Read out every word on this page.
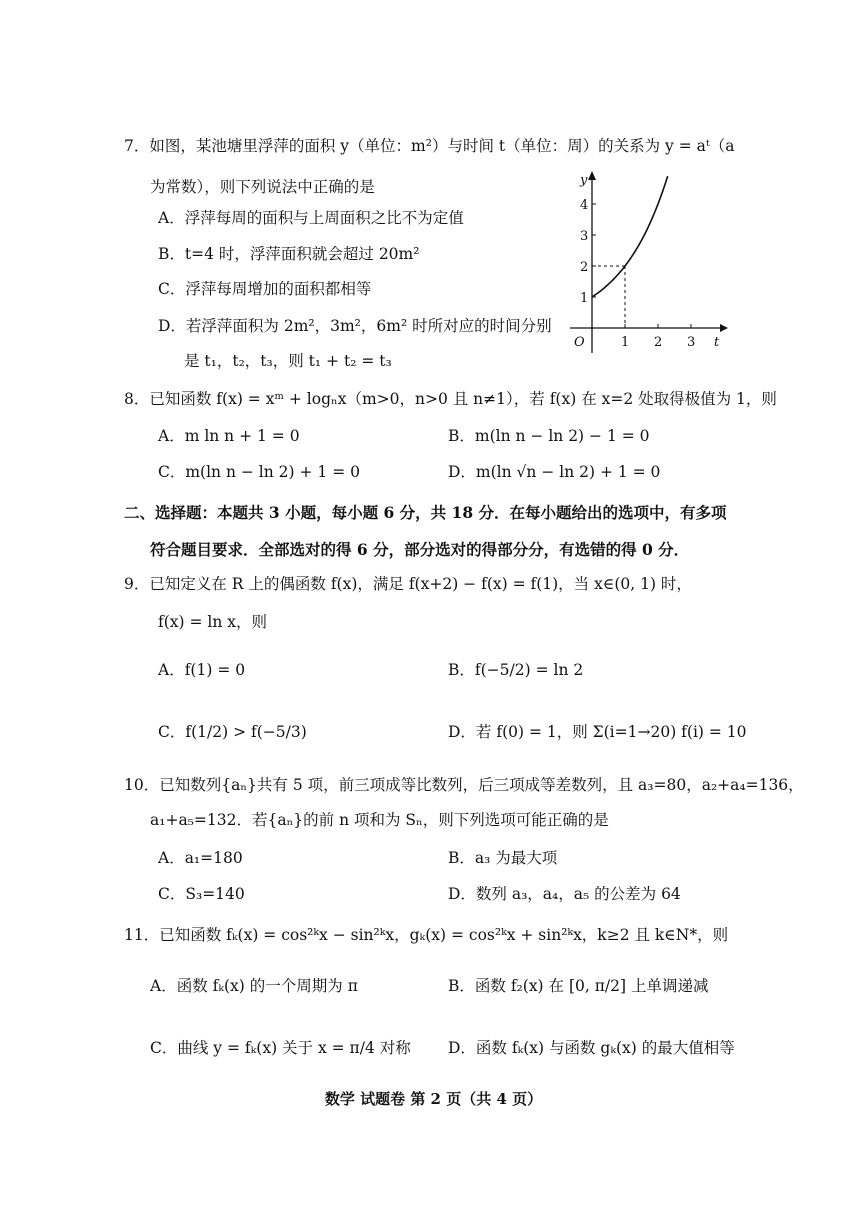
7．如图，某池塘里浮萍的面积 y（单位：m²）与时间 t（单位：周）的关系为 y = aᵗ（a
为常数），则下列说法中正确的是
A．浮萍每周的面积与上周面积之比不为定值
B．t=4 时，浮萍面积就会超过 20m²
C．浮萍每周增加的面积都相等
D．若浮萍面积为 2m²，3m²，6m² 时所对应的时间分别
是 t₁，t₂，t₃，则 t₁ + t₂ = t₃
y
t
O
1
2
3
4
1 2 3
8．已知函数 f(x) = xᵐ + logₙx（m>0，n>0 且 n≠1），若 f(x) 在 x=2 处取得极值为 1，则
A．m ln n + 1 = 0	B．m(ln n − ln 2) − 1 = 0
C．m(ln n − ln 2) + 1 = 0	D．m(ln √n − ln 2) + 1 = 0
二、选择题：本题共 3 小题，每小题 6 分，共 18 分．在每小题给出的选项中，有多项
符合题目要求．全部选对的得 6 分，部分选对的得部分分，有选错的得 0 分．
9．已知定义在 R 上的偶函数 f(x)，满足 f(x+2) − f(x) = f(1)，当 x∈(0, 1) 时，
f(x) = ln x，则
A．f(1) = 0	B．f(−5/2) = ln 2
C．f(1/2) > f(−5/3)	D．若 f(0) = 1，则 Σ(i=1→20) f(i) = 10
10．已知数列{aₙ}共有 5 项，前三项成等比数列，后三项成等差数列，且 a₃=80，a₂+a₄=136，
a₁+a₅=132．若{aₙ}的前 n 项和为 Sₙ，则下列选项可能正确的是
A．a₁=180	B．a₃ 为最大项
C．S₃=140	D．数列 a₃，a₄，a₅ 的公差为 64
11．已知函数 fₖ(x) = cos²ᵏx − sin²ᵏx，gₖ(x) = cos²ᵏx + sin²ᵏx，k≥2 且 k∈N*，则
A．函数 fₖ(x) 的一个周期为 π	B．函数 f₂(x) 在 [0, π/2] 上单调递减
C．曲线 y = fₖ(x) 关于 x = π/4 对称 D．函数 fₖ(x) 与函数 gₖ(x) 的最大值相等
数学 试题卷 第 2 页（共 4 页）
